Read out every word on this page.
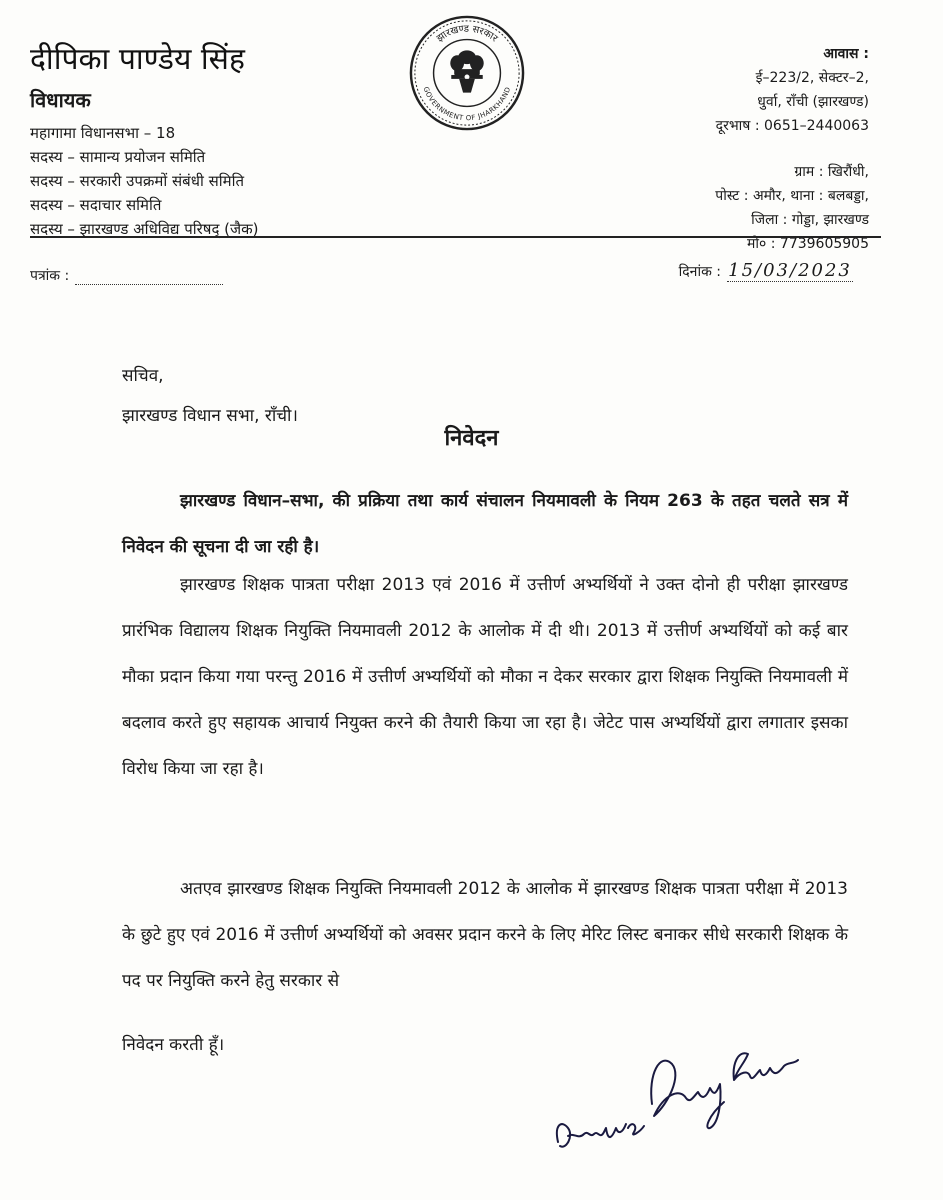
दीपिका पाण्डेय सिंह
विधायक
महागामा विधानसभा – 18
सदस्य – सामान्य प्रयोजन समिति
सदस्य – सरकारी उपक्रमों संबंधी समिति
सदस्य – सदाचार समिति
सदस्य – झारखण्ड अधिविद्य परिषद् (जैक)
झारखण्ड सरकार
GOVERNMENT OF JHARKHAND
आवास :
ई–223/2, सेक्टर–2,
धुर्वा, राँची (झारखण्ड)
दूरभाष : 0651–2440063
ग्राम : खिरौंधी,
पोस्ट : अमौर, थाना : बलबड्डा,
जिला : गोड्डा, झारखण्ड
मो० : 7739605905
पत्रांक :	दिनांक : 15/03/2023
सचिव,
झारखण्ड विधान सभा, राँची।
निवेदन
झारखण्ड विधान–सभा, की प्रक्रिया तथा कार्य संचालन नियमावली के नियम 263 के तहत चलते सत्र में निवेदन की सूचना दी जा रही है।
झारखण्ड शिक्षक पात्रता परीक्षा 2013 एवं 2016 में उत्तीर्ण अभ्यर्थियों ने उक्त दोनो ही परीक्षा झारखण्ड प्रारंभिक विद्यालय शिक्षक नियुक्ति नियमावली 2012 के आलोक में दी थी। 2013 में उत्तीर्ण अभ्यर्थियों को कई बार मौका प्रदान किया गया परन्तु 2016 में उत्तीर्ण अभ्यर्थियों को मौका न देकर सरकार द्वारा शिक्षक नियुक्ति नियमावली में बदलाव करते हुए सहायक आचार्य नियुक्त करने की तैयारी किया जा रहा है। जेटेट पास अभ्यर्थियों द्वारा लगातार इसका विरोध किया जा रहा है।
अतएव झारखण्ड शिक्षक नियुक्ति नियमावली 2012 के आलोक में झारखण्ड शिक्षक पात्रता परीक्षा में 2013 के छुटे हुए एवं 2016 में उत्तीर्ण अभ्यर्थियों को अवसर प्रदान करने के लिए मेरिट लिस्ट बनाकर सीधे सरकारी शिक्षक के पद पर नियुक्ति करने हेतु सरकार से
निवेदन करती हूँ।
